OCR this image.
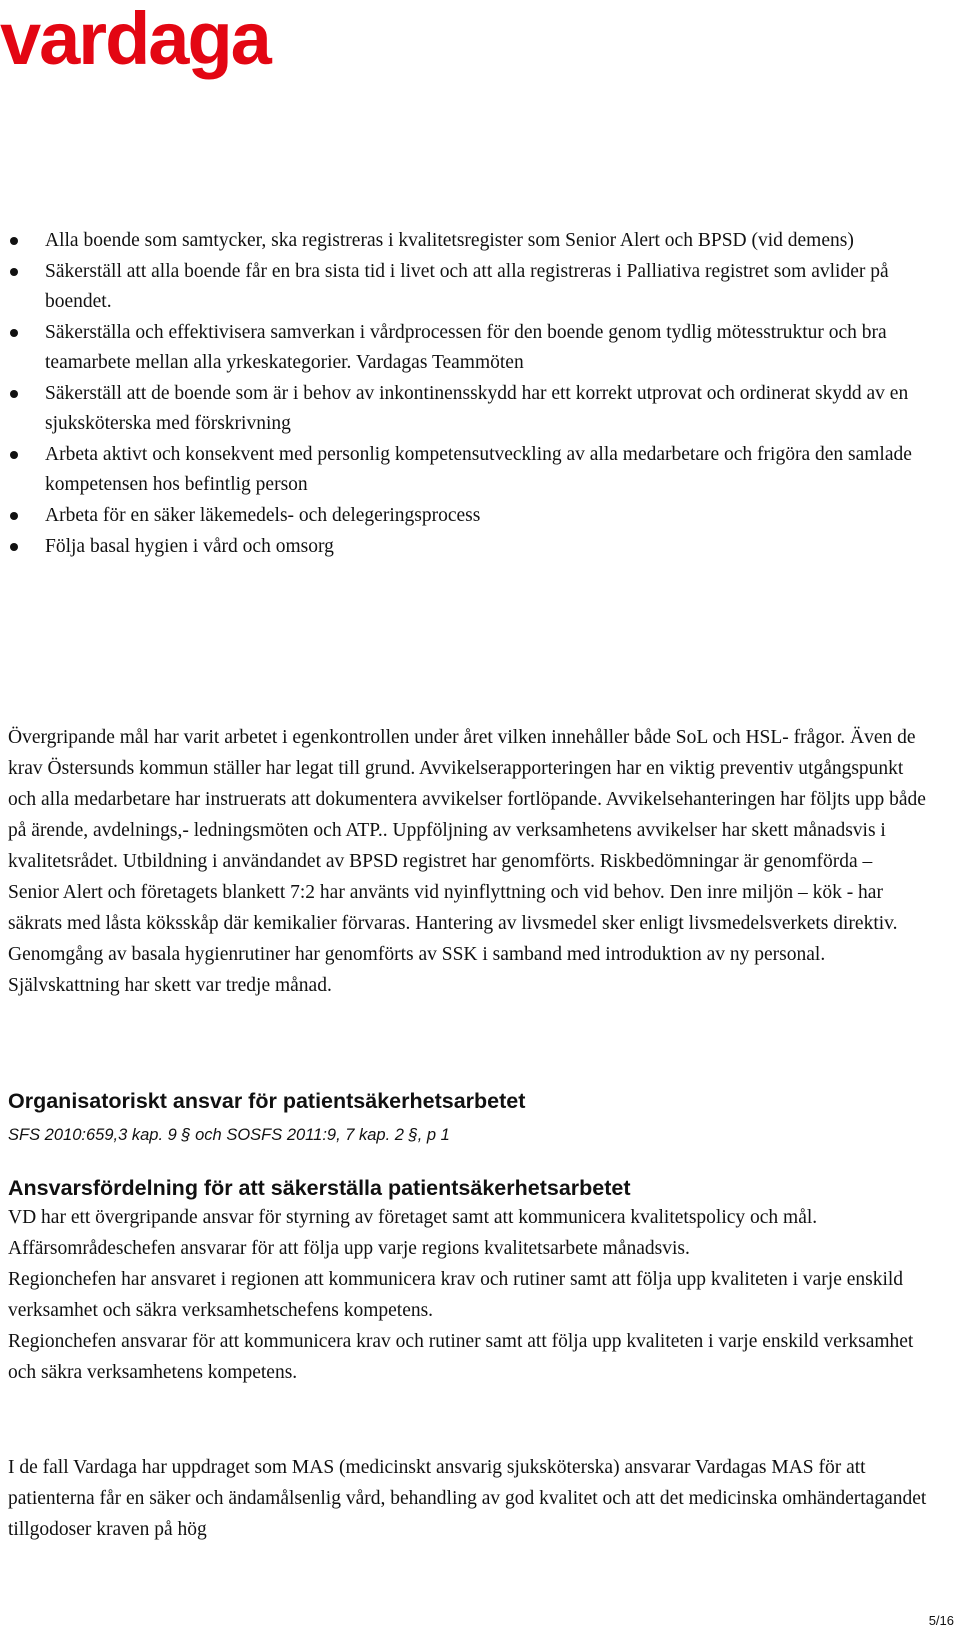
vardaga
Alla boende som samtycker, ska registreras i kvalitetsregister som Senior Alert och BPSD (vid demens)
Säkerställ att alla boende får en bra sista tid i livet och att alla registreras i Palliativa registret som avlider på boendet.
Säkerställa och effektivisera samverkan i vårdprocessen för den boende genom tydlig mötesstruktur och bra teamarbete mellan alla yrkeskategorier. Vardagas Teammöten
Säkerställ att de boende som är i behov av inkontinensskydd har ett korrekt utprovat och ordinerat skydd av en sjuksköterska med förskrivning
Arbeta aktivt och konsekvent med personlig kompetensutveckling av alla medarbetare och frigöra den samlade kompetensen hos befintlig person
Arbeta för en säker läkemedels- och delegeringsprocess
Följa basal hygien i vård och omsorg

Övergripande mål har varit arbetet i egenkontrollen under året vilken innehåller både SoL och HSL- frågor. Även de krav Östersunds kommun ställer har legat till grund. Avvikelserapporteringen har en viktig preventiv utgångspunkt och alla medarbetare har instruerats att dokumentera avvikelser fortlöpande. Avvikelsehanteringen har följts upp både på ärende, avdelnings,- ledningsmöten och ATP.. Uppföljning av verksamhetens avvikelser har skett månadsvis i kvalitetsrådet. Utbildning i användandet av BPSD registret har genomförts. Riskbedömningar är genomförda – Senior Alert och företagets blankett 7:2 har använts vid nyinflyttning och vid behov. Den inre miljön – kök - har säkrats med låsta köksskåp där kemikalier förvaras. Hantering av livsmedel sker enligt livsmedelsverkets direktiv. Genomgång av basala hygienrutiner har genomförts av SSK i samband med introduktion av ny personal. Självskattning har skett var tredje månad.

Organisatoriskt ansvar för patientsäkerhetsarbetet

SFS 2010:659,3 kap. 9 § och SOSFS 2011:9, 7 kap. 2 §, p 1

Ansvarsfördelning för att säkerställa patientsäkerhetsarbetet
VD har ett övergripande ansvar för styrning av företaget samt att kommunicera kvalitetspolicy och mål.
Affärsområdeschefen ansvarar för att följa upp varje regions kvalitetsarbete månadsvis.
Regionchefen har ansvaret i regionen att kommunicera krav och rutiner samt att följa upp kvaliteten i varje enskild verksamhet och säkra verksamhetschefens kompetens.
Regionchefen ansvarar för att kommunicera krav och rutiner samt att följa upp kvaliteten i varje enskild verksamhet och säkra verksamhetens kompetens.

I de fall Vardaga har uppdraget som MAS (medicinskt ansvarig sjuksköterska) ansvarar Vardagas MAS för att patienterna får en säker och ändamålsenlig vård, behandling av god kvalitet och att det medicinska omhändertagandet tillgodoser kraven på hög

5/16
